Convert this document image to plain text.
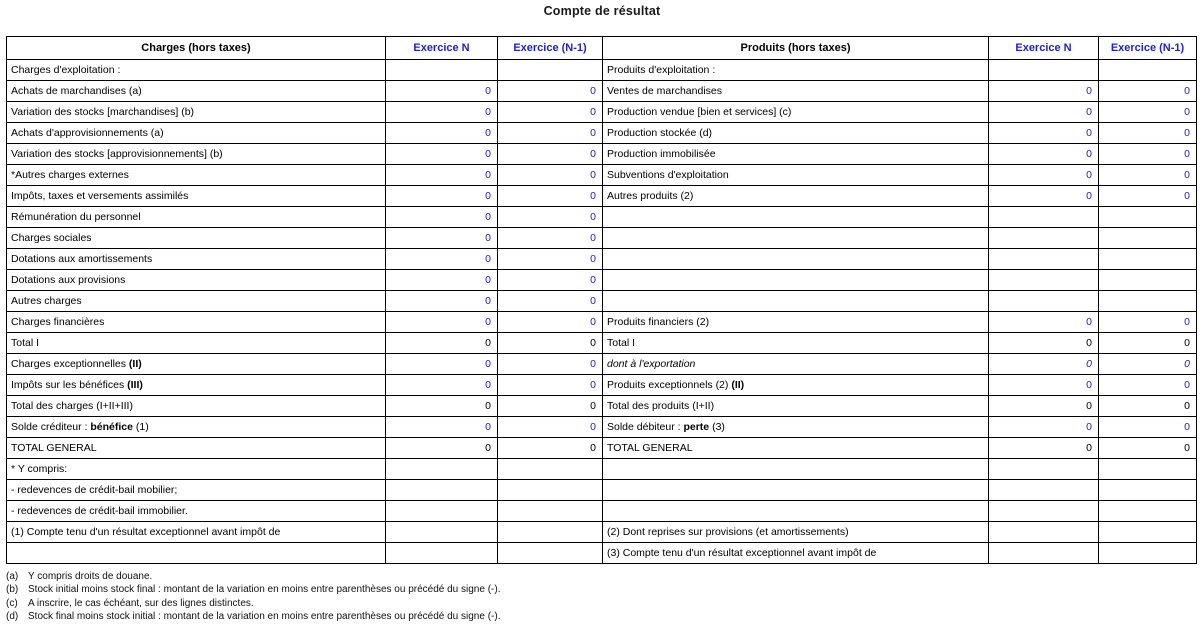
Compte de résultat
Charges (hors taxes)	Exercice N	Exercice (N-1)	Produits (hors taxes)	Exercice N	Exercice (N-1)
Charges d'exploitation :			Produits d'exploitation :		
Achats de marchandises (a)	0	0	Ventes de marchandises	0	0
Variation des stocks [marchandises] (b)	0	0	Production vendue [bien et services] (c)	0	0
Achats d'approvisionnements (a)	0	0	Production stockée (d)	0	0
Variation des stocks [approvisionnements] (b)	0	0	Production immobilisée	0	0
*Autres charges externes	0	0	Subventions d'exploitation	0	0
Impôts, taxes et versements assimilés	0	0	Autres produits (2)	0	0
Rémunération du personnel	0	0			
Charges sociales	0	0			
Dotations aux amortissements	0	0			
Dotations aux provisions	0	0			
Autres charges	0	0			
Charges financières	0	0	Produits financiers (2)	0	0
Total I	0	0	Total I	0	0
Charges exceptionnelles (II)	0	0	dont à l'exportation	0	0
Impôts sur les bénéfices (III)	0	0	Produits exceptionnels (2) (II)	0	0
Total des charges (I+II+III)	0	0	Total des produits (I+II)	0	0
Solde créditeur : bénéfice (1)	0	0	Solde débiteur : perte (3)	0	0
TOTAL GENERAL	0	0	TOTAL GENERAL	0	0
* Y compris:					
- redevences de crédit-bail mobilier;					
- redevences de crédit-bail immobilier.					
(1) Compte tenu d'un résultat exceptionnel avant impôt de			(2) Dont reprises sur provisions (et amortissements)		
			(3) Compte tenu d'un résultat exceptionnel avant impôt de		
(a) Y compris droits de douane.
(b) Stock initial moins stock final : montant de la variation en moins entre parenthèses ou précédé du signe (-).
(c) A inscrire, le cas échéant, sur des lignes distinctes.
(d) Stock final moins stock initial : montant de la variation en moins entre parenthèses ou précédé du signe (-).
